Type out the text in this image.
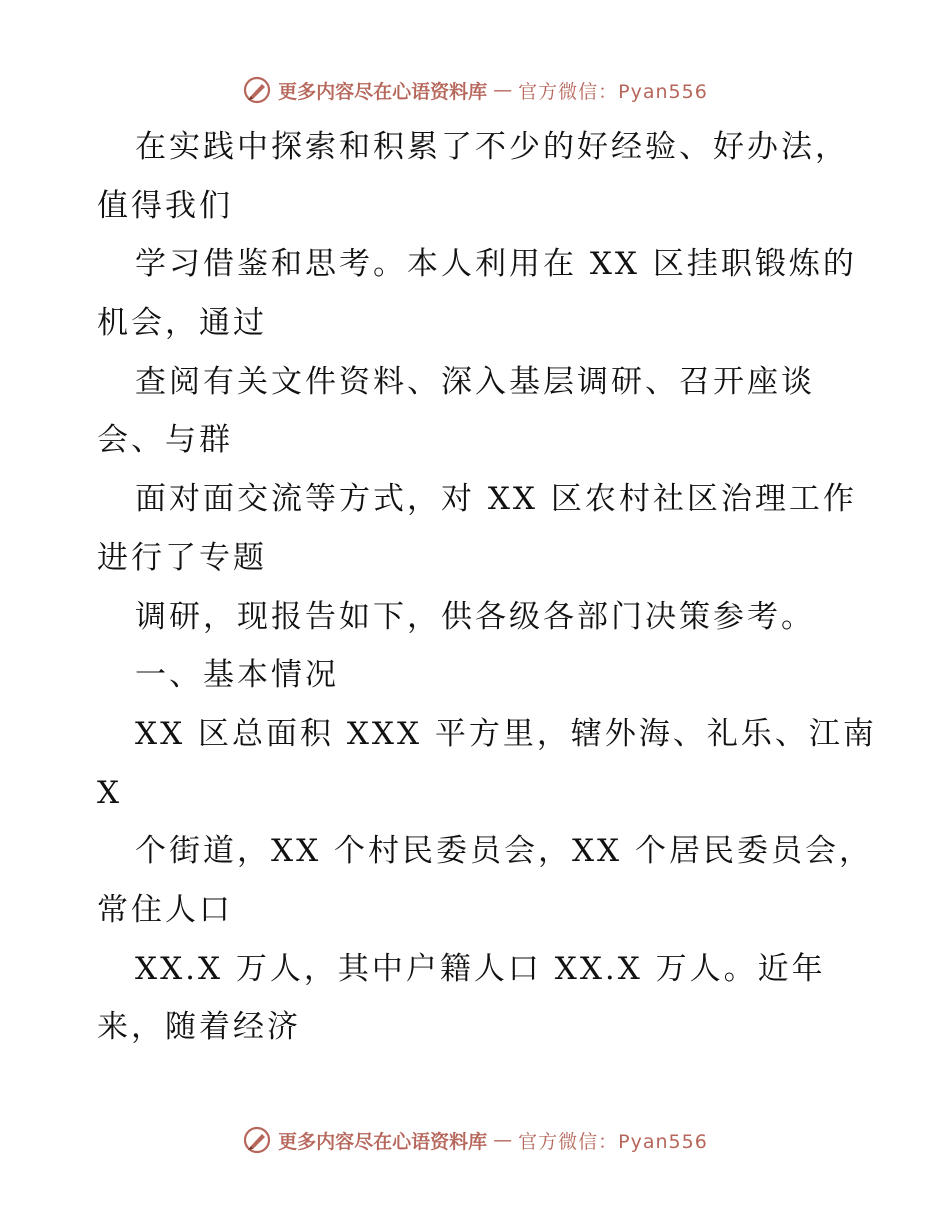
更多内容尽在心语资料库 — 官方微信：Pyan556
在实践中探索和积累了不少的好经验、好办法，
值得我们
学习借鉴和思考。本人利用在 XX 区挂职锻炼的
机会，通过
查阅有关文件资料、深入基层调研、召开座谈
会、与群
面对面交流等方式，对 XX 区农村社区治理工作
进行了专题
调研，现报告如下，供各级各部门决策参考。
一、基本情况
XX 区总面积 XXX 平方里，辖外海、礼乐、江南
X
个街道，XX 个村民委员会，XX 个居民委员会，
常住人口
XX.X 万人，其中户籍人口 XX.X 万人。近年
来，随着经济
更多内容尽在心语资料库 — 官方微信：Pyan556
